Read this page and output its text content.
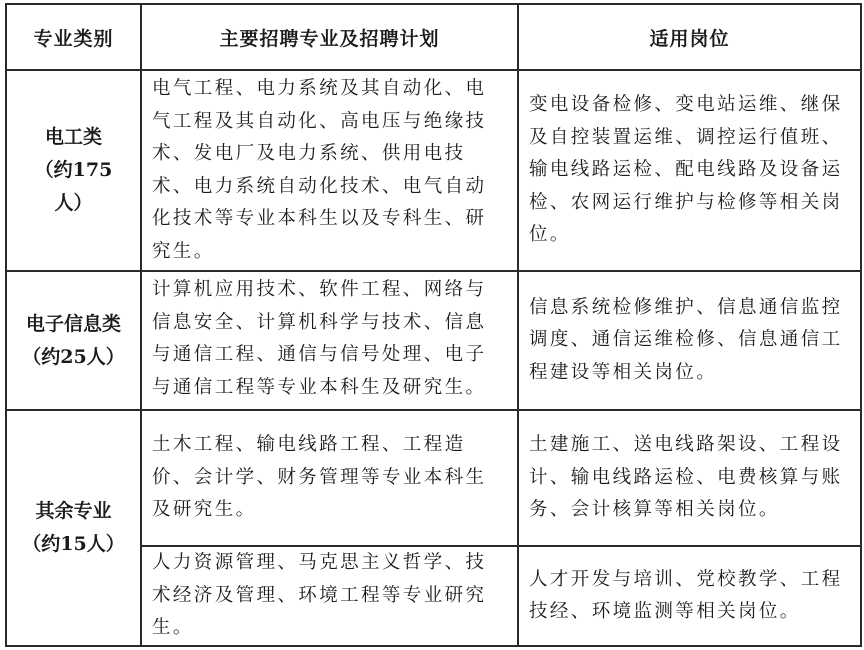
专业类别	主要招聘专业及招聘计划	适用岗位

电工类
（约175
人）	电气工程、电力系统及其自动化、电气工程及其自动化、高电压与绝缘技术、发电厂及电力系统、供用电技术、电力系统自动化技术、电气自动化技术等专业本科生以及专科生、研究生。	变电设备检修、变电站运维、继保及自控装置运维、调控运行值班、输电线路运检、配电线路及设备运检、农网运行维护与检修等相关岗位。

电子信息类
（约25人）	计算机应用技术、软件工程、网络与信息安全、计算机科学与技术、信息与通信工程、通信与信号处理、电子与通信工程等专业本科生及研究生。	信息系统检修维护、信息通信监控调度、通信运维检修、信息通信工程建设等相关岗位。

其余专业
（约15人）	土木工程、输电线路工程、工程造价、会计学、财务管理等专业本科生及研究生。	土建施工、送电线路架设、工程设计、输电线路运检、电费核算与账务、会计核算等相关岗位。
	人力资源管理、马克思主义哲学、技术经济及管理、环境工程等专业研究生。	人才开发与培训、党校教学、工程技经、环境监测等相关岗位。
